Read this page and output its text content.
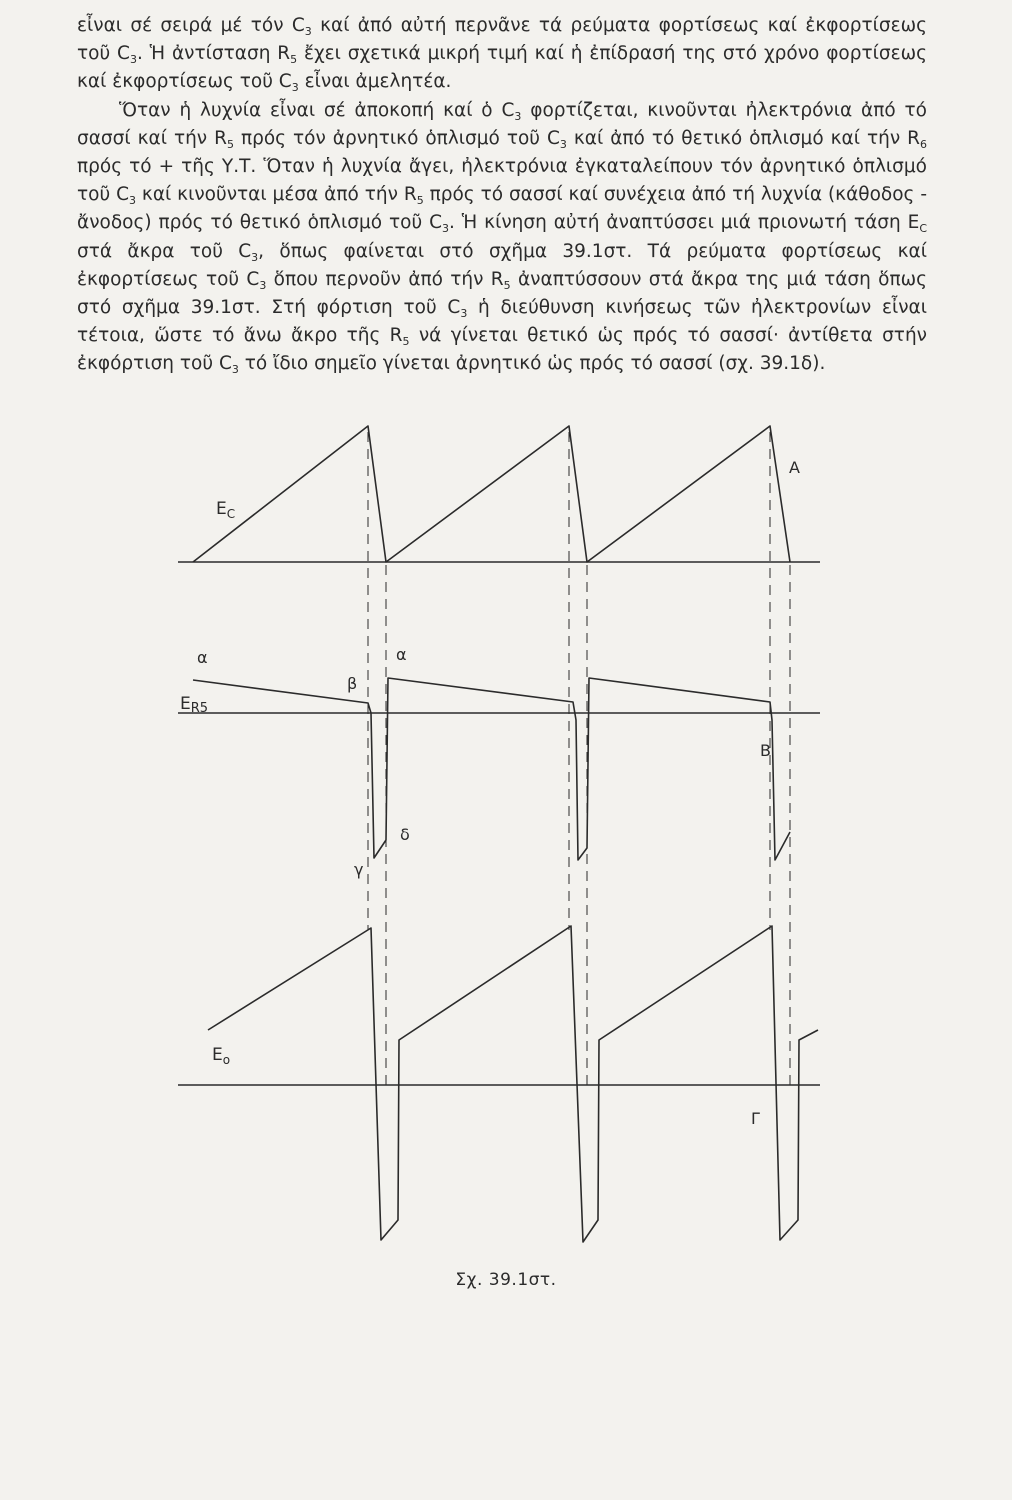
εἶναι σέ σειρά μέ τόν $C_3$ καί ἀπό αὐτή περνᾶνε τά ρεύματα φορτίσεως καί ἐκφορτίσεως τοῦ $C_3$. Ἡ ἀντίσταση $R_5$ ἔχει σχετικά μικρή τιμή καί ἡ ἐπίδρασή της στό χρόνο φορτίσεως καί ἐκφορτίσεως τοῦ $C_3$ εἶναι ἀμελητέα.

Ὅταν ἡ λυχνία εἶναι σέ ἀποκοπή καί ὁ $C_3$ φορτίζεται, κινοῦνται ἠλεκτρόνια ἀπό τό σασσί καί τήν $R_5$ πρός τόν ἀρνητικό ὁπλισμό τοῦ $C_3$ καί ἀπό τό θετικό ὁπλισμό καί τήν $R_6$ πρός τό + τῆς Υ.Τ. Ὅταν ἡ λυχνία ἄγει, ἠλεκτρόνια ἐγκαταλείπουν τόν ἀρνητικό ὁπλισμό τοῦ $C_3$ καί κινοῦνται μέσα ἀπό τήν $R_5$ πρός τό σασσί καί συνέχεια ἀπό τή λυχνία (κάθοδος - ἄνοδος) πρός τό θετικό ὁπλισμό τοῦ $C_3$. Ἡ κίνηση αὐτή ἀναπτύσσει μιά πριονωτή τάση $E_C$ στά ἄκρα τοῦ $C_3$, ὅπως φαίνεται στό σχῆμα 39.1στ. Τά ρεύματα φορτίσεως καί ἐκφορτίσεως τοῦ $C_3$ ὅπου περνοῦν ἀπό τήν $R_5$ ἀναπτύσσουν στά ἄκρα της μιά τάση ὅπως στό σχῆμα 39.1στ. Στή φόρτιση τοῦ $C_3$ ἡ διεύθυνση κινήσεως τῶν ἠλεκτρονίων εἶναι τέτοια, ὥστε τό ἄνω ἄκρο τῆς $R_5$ νά γίνεται θετικό ὡς πρός τό σασσί· ἀντίθετα στήν ἐκφόρτιση τοῦ $C_3$ τό ἴδιο σημεῖο γίνεται ἀρνητικό ὡς πρός τό σασσί (σχ. 39.1δ).

$E_C$
ER5
$E_o$
A
B
Γ
α	α
β
γ
δ
Σχ. 39.1στ.
